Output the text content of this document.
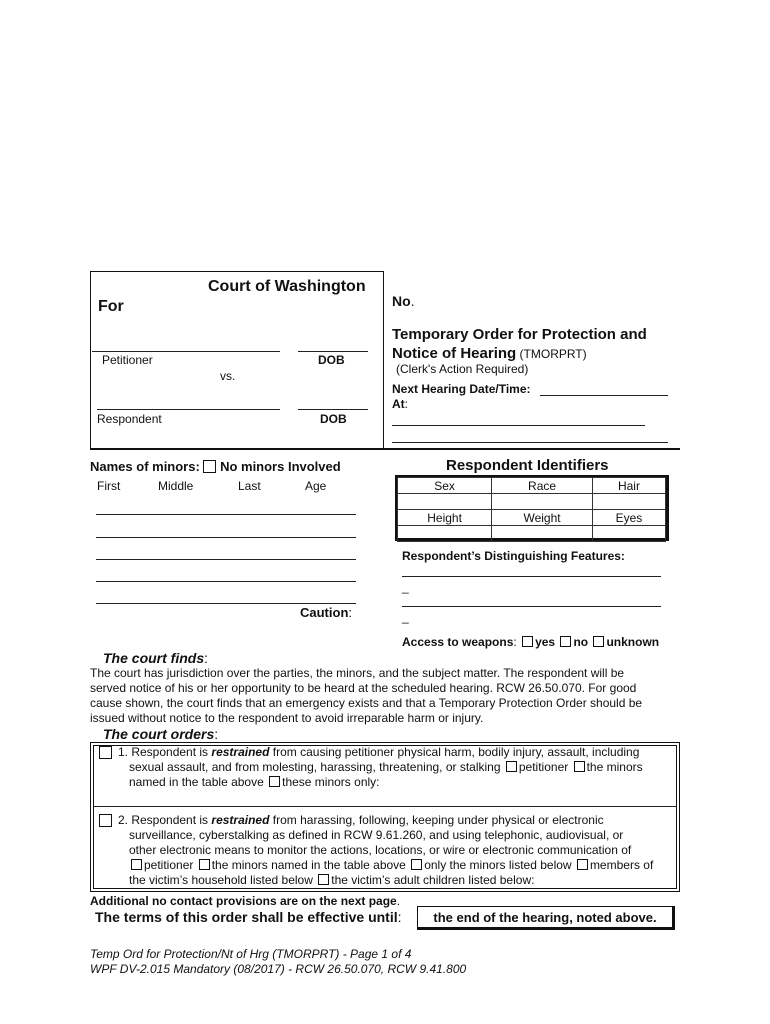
Court of Washington
For
Petitioner	DOB
vs.
Respondent	DOB
No.
Temporary Order for Protection and
Notice of Hearing (TMORPRT)
(Clerk's Action Required)
Next Hearing Date/Time:
At:
Names of minors: No minors Involved
First	Middle	Last	Age
Caution:
Respondent Identifiers
Sex	Race	Hair

Height	Weight	Eyes

Respondent’s Distinguishing Features:
_
_
Access to weapons: yes no unknown
The court finds:
The court has jurisdiction over the parties, the minors, and the subject matter. The respondent will be
served notice of his or her opportunity to be heard at the scheduled hearing. RCW 26.50.070. For good
cause shown, the court finds that an emergency exists and that a Temporary Protection Order should be
issued without notice to the respondent to avoid irreparable harm or injury.
The court orders:
1. Respondent is restrained from causing petitioner physical harm, bodily injury, assault, including
sexual assault, and from molesting, harassing, threatening, or stalking petitioner the minors
named in the table above these minors only:
2. Respondent is restrained from harassing, following, keeping under physical or electronic
surveillance, cyberstalking as defined in RCW 9.61.260, and using telephonic, audiovisual, or
other electronic means to monitor the actions, locations, or wire or electronic communication of
petitioner the minors named in the table above only the minors listed below members of
the victim’s household listed below the victim’s adult children listed below:
Additional no contact provisions are on the next page.
The terms of this order shall be effective until:	the end of the hearing, noted above.
Temp Ord for Protection/Nt of Hrg (TMORPRT) - Page 1 of 4
WPF DV-2.015 Mandatory (08/2017) - RCW 26.50.070, RCW 9.41.800
